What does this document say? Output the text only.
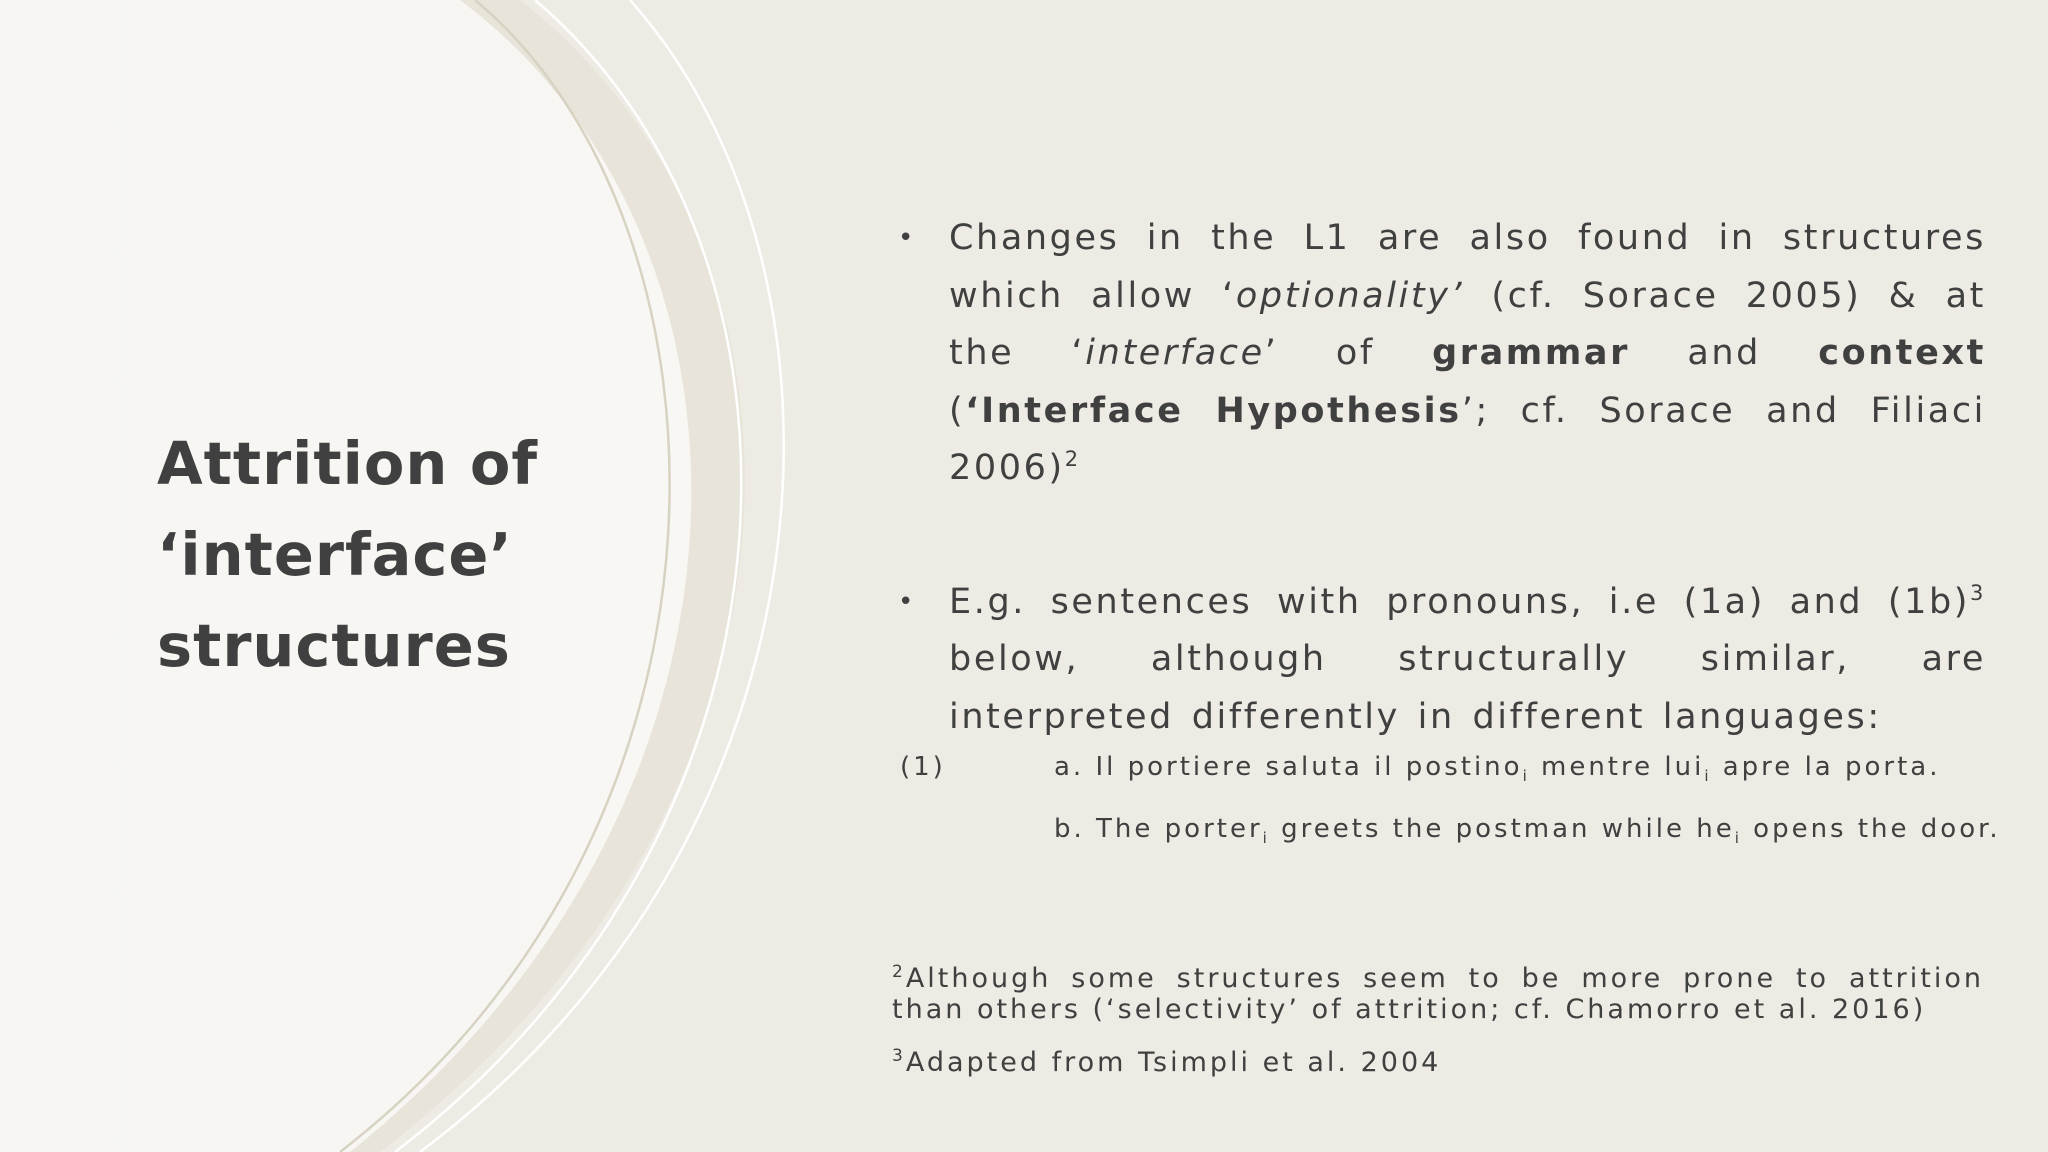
Attrition of
‘interface’
structures
• Changes in the L1 are also found in structures which allow ‘optionality’ (cf. Sorace 2005) & at the ‘interface’ of grammar and context (‘Interface Hypothesis’; cf. Sorace and Filiaci 2006)$^2$
• E.g. sentences with pronouns, i.e (1a) and (1b)$^3$ below, although structurally similar, are interpreted differently in different languages:
(1)	a. Il portiere saluta il postino$_i$ mentre lui$_i$ apre la porta.
b. The porter$_i$ greets the postman while $he_i$ opens the door.
$^2$Although some structures seem to be more prone to attrition than others (‘selectivity’ of attrition; cf. Chamorro et al. 2016)
$^3$Adapted from Tsimpli et al. 2004
